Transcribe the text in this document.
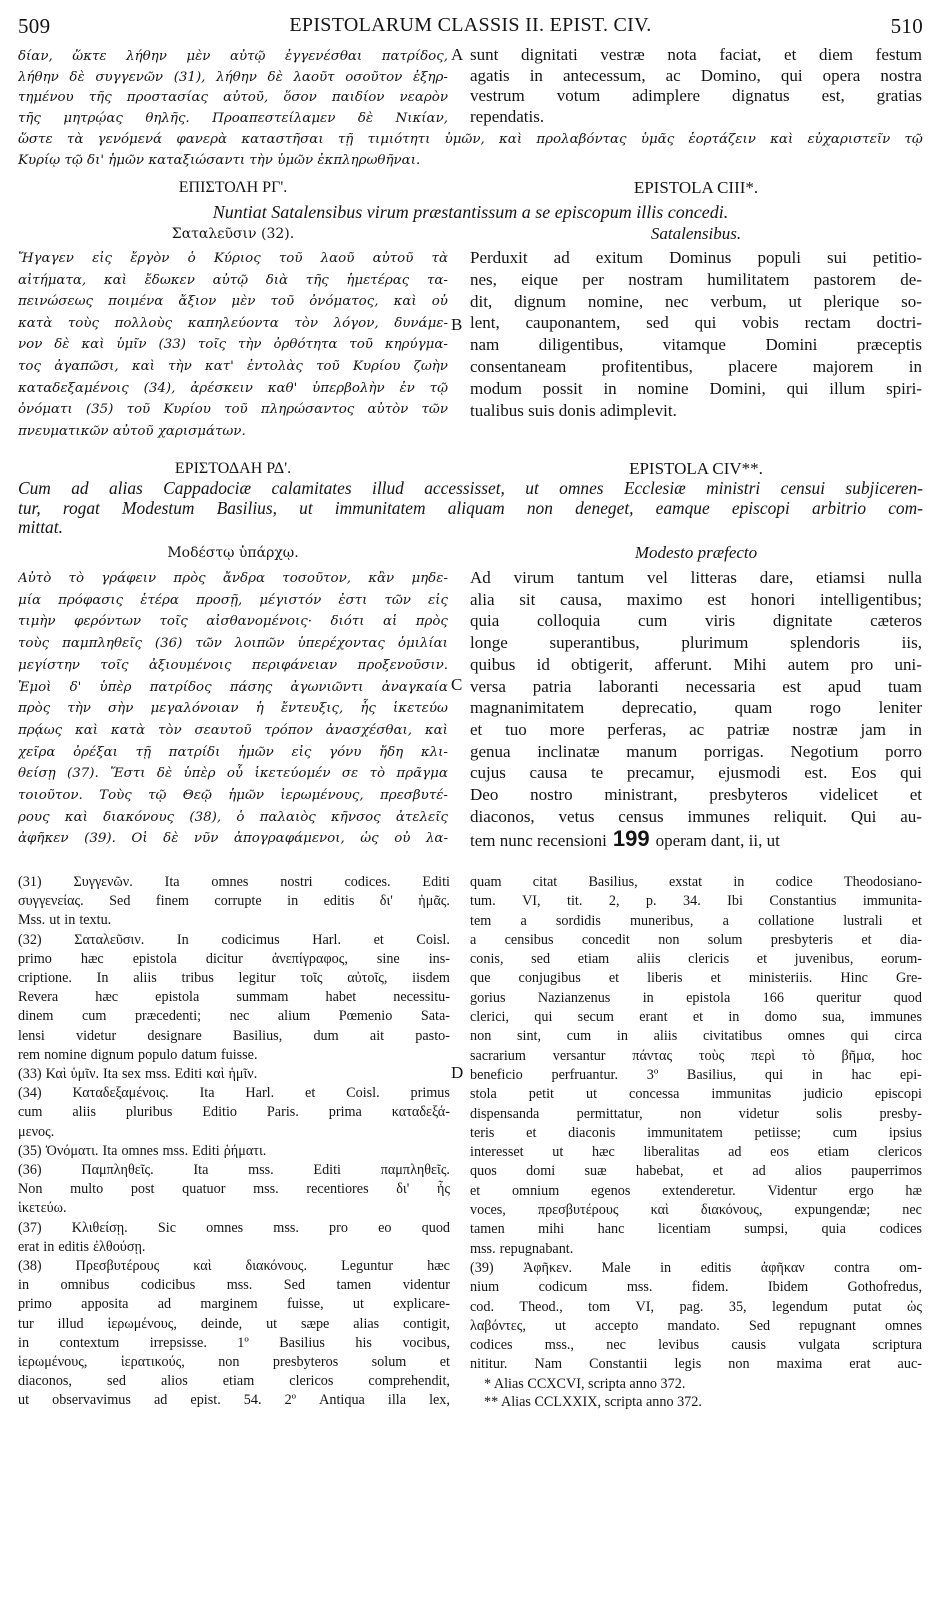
509	EPISTOLARUM CLASSIS II. EPIST. CIV.	510
δίαν, ὥκτε λήθην μὲν αὐτῷ ἐγγενέσθαι πατρίδος,
λήθην δὲ συγγενῶν (31), λήθην δὲ λαοῦτ οσοῦτον ἐξηρ-
τημένου τῆς προστασίας αὐτοῦ, ὅσον παιδίον νεαρὸν
τῆς μητρῴας θηλῆς. Προαπεστείλαμεν δὲ Νικίαν,
A sunt dignitati vestræ nota faciat, et diem festum
agatis in antecessum, ac Domino, qui opera nostra
vestrum votum adimplere dignatus est, gratias
rependatis.
ὥστε τὰ γενόμενά φανερὰ καταστῆσαι τῇ τιμιότητι ὑμῶν, καὶ προλαβόντας ὑμᾶς ἑορτάζειν καὶ εὐχαριστεῖν τῷ
Κυρίῳ τῷ δι' ἡμῶν καταξιώσαντι τὴν ὑμῶν ἐκπληρωθῆναι.
ΕΠΙΣΤΟΛΗ ΡΓ'.	EPISTOLA CIII*.
Nuntiat Satalensibus virum præstantissum a se episcopum illis concedi.
Σαταλεῦσιν (32).	Satalensibus.
Ἤγαγεν εἰς ἔργὸν ὁ Κύριος τοῦ λαοῦ αὐτοῦ τὰ
αἰτήματα, καὶ ἔδωκεν αὐτῷ διὰ τῆς ἡμετέρας τα-
πεινώσεως ποιμένα ἄξιον μὲν τοῦ ὀνόματος, καὶ οὐ
κατὰ τοὺς πολλοὺς καπηλεύοντα τὸν λόγον, δυνάμε-
νον δὲ καὶ ὑμῖν (33) τοῖς τὴν ὀρθότητα τοῦ κηρύγμα-
τος ἀγαπῶσι, καὶ τὴν κατ' ἐντολὰς τοῦ Κυρίου ζωὴν
καταδεξαμένοις (34), ἀρέσκειν καθ' ὑπερβολὴν ἐν τῷ
ὀνόματι (35) τοῦ Κυρίου τοῦ πληρώσαντος αὐτὸν τῶν
πνευματικῶν αὐτοῦ χαρισμάτων.
B
Perduxit ad exitum Dominus populi sui petitio-
nes, eique per nostram humilitatem pastorem de-
dit, dignum nomine, nec verbum, ut plerique so-
lent, cauponantem, sed qui vobis rectam doctri-
nam diligentibus, vitamque Domini præceptis
consentaneam profitentibus, placere majorem in
modum possit in nomine Domini, qui illum spiri-
tualibus suis donis adimplevit.
ΕΡΙΣΤΟΔΑΗ ΡΔ'.	EPISTOLA CIV**.
Cum ad alias Cappadociæ calamitates illud accessisset, ut omnes Ecclesiæ ministri censui subjiceren-
tur, rogat Modestum Basilius, ut immunitatem aliquam non deneget, eamque episcopi arbitrio com-
mittat.
Μοδέστῳ ὑπάρχῳ.	Modesto præfecto
Αὐτὸ τὸ γράφειν πρὸς ἄνδρα τοσοῦτον, κἂν μηδε-
μία πρόφασις ἑτέρα προσῇ, μέγιστόν ἐστι τῶν εἰς
τιμὴν φερόντων τοῖς αἰσθανομένοις· διότι αἱ πρὸς
τοὺς παμπληθεῖς (36) τῶν λοιπῶν ὑπερέχοντας ὁμιλίαι
μεγίστην τοῖς ἀξιουμένοις περιφάνειαν προξενοῦσιν.
Ἐμοὶ δ' ὑπὲρ πατρίδος πάσης ἀγωνιῶντι ἀναγκαία
πρὸς τὴν σὴν μεγαλόνοιαν ἡ ἔντευξις, ἧς ἱκετεύω
πρᾴως καὶ κατὰ τὸν σεαυτοῦ τρόπον ἀνασχέσθαι, καὶ
χεῖρα ὀρέξαι τῇ πατρίδι ἡμῶν εἰς γόνυ ἤδη κλι-
θείσῃ (37). Ἔστι δὲ ὑπὲρ οὗ ἱκετεύομέν σε τὸ πρᾶγμα
τοιοῦτον. Τοὺς τῷ Θεῷ ἡμῶν ἱερωμένους, πρεσβυτέ-
ρους καὶ διακόνους (38), ὁ παλαιὸς κῆνσος ἀτελεῖς
ἀφῆκεν (39). Οἱ δὲ νῦν ἀπογραφάμενοι, ὡς οὐ λα-
C
Ad virum tantum vel litteras dare, etiamsi nulla
alia sit causa, maximo est honori intelligentibus;
quia colloquia cum viris dignitate cæteros
longe superantibus, plurimum splendoris iis,
quibus id obtigerit, afferunt. Mihi autem pro uni-
versa patria laboranti necessaria est apud tuam
magnanimitatem deprecatio, quam rogo leniter
et tuo more perferas, ac patriæ nostræ jam in
genua inclinatæ manum porrigas. Negotium porro
cujus causa te precamur, ejusmodi est. Eos qui
Deo nostro ministrant, presbyteros videlicet et
diaconos, vetus census immunes reliquit. Qui au-
tem nunc recensioni 199 operam dant, ii, ut
(31) Συγγενῶν. Ita omnes nostri codices. Editi
συγγενείας. Sed finem corrupte in editis δι' ἡμᾶς.
Mss. ut in textu.
(32) Σαταλεῦσιν. In codicimus Harl. et Coisl.
primo hæc epistola dicitur ἀνεπίγραφος, sine ins-
criptione. In aliis tribus legitur τοῖς αὐτοῖς, iisdem
Revera	hæc	epistola	summam	habet	necessitu-
dinem cum præcedenti; nec alium Pœmenio Sata-
lensi videtur designare Basilius, dum ait pasto-
rem nomine dignum populo datum fuisse.
(33) Καὶ ὑμῖν. Ita sex mss. Editi καὶ ἡμῖν.
(34) Καταδεξαμένοις. Ita Harl. et Coisl. primus
cum aliis pluribus Editio Paris. prima καταδεξά-
μενος.
(35) Ὀνόματι. Ita omnes mss. Editi ῥήματι.
(36)	Παμπληθεῖς.	Ita	mss.	Editi	παμπληθεῖς.
Non multo post quatuor mss. recentiores δι' ἧς
ἱκετεύω.
(37) Κλιθείσῃ. Sic omnes mss. pro eo quod
erat in editis ἐλθούσῃ.
(38) Πρεσβυτέρους καὶ διακόνους. Leguntur hæc
in omnibus codicibus mss. Sed tamen videntur
primo apposita ad marginem fuisse, ut explicare-
tur illud ἱερωμένους, deinde, ut sæpe alias contigit,
in contextum irrepsisse. 1º Basilius his vocibus,
ἱερωμένους, ἱερατικούς, non presbyteros solum et
diaconos, sed alios etiam clericos comprehendit,
ut observavimus ad epist. 54. 2º Antiqua illa lex,
D
quam citat Basilius, exstat in codice Theodosiano-
tum. VI, tit. 2, p. 34. Ibi Constantius immunita-
tem a sordidis muneribus, a collatione lustrali et
a censibus concedit non solum presbyteris et dia-
conis, sed etiam aliis clericis et juvenibus, eorum-
que conjugibus et liberis et ministeriis. Hinc Gre-
gorius Nazianzenus in epistola 166 queritur quod
clerici, qui secum erant et in domo sua, immunes
non sint, cum in aliis civitatibus omnes qui circa
sacrarium versantur πάντας τοὺς περὶ τὸ βῆμα, hoc
beneficio perfruantur. 3º Basilius, qui in hac epi-
stola petit ut concessa immunitas judicio episcopi
dispensanda	permittatur,	non	videtur	solis	presby-
teris et diaconis immunitatem petiisse; cum ipsius
interesset ut hæc liberalitas ad eos etiam clericos
quos domi suæ habebat, et ad alios pauperrimos
et omnium egenos extenderetur. Videntur ergo hæ
voces, πρεσβυτέρους καὶ διακόνους, expungendæ; nec
tamen mihi hanc licentiam sumpsi, quia codices
mss. repugnabant.
(39) Ἀφῆκεν. Male in editis ἀφῆκαν contra om-
nium	codicum	mss.	fidem.	Ibidem	Gothofredus,
cod. Theod., tom VI, pag. 35, legendum putat ὡς
λαβόντες, ut accepto mandato. Sed repugnant omnes
codices mss., nec levibus causis vulgata scriptura
nititur. Nam Constantii legis non maxima erat auc-
* Alias CCXCVI, scripta anno 372.
** Alias CCLXXIX, scripta anno 372.
